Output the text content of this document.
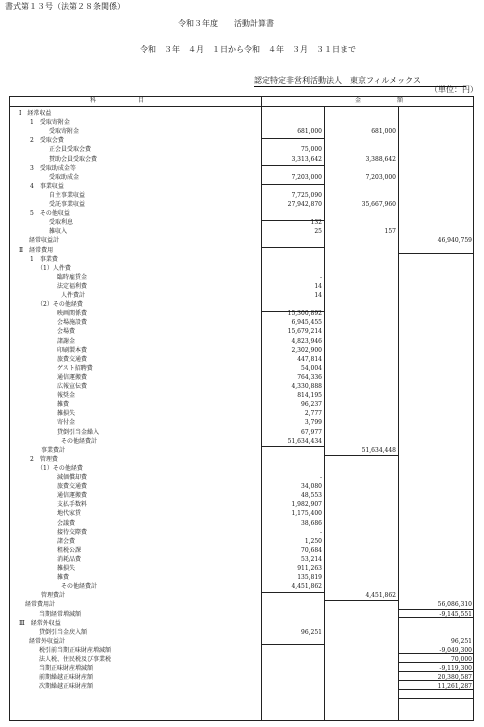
書式第１３号（法第２８条関係）
令和３年度　　活動計算書
令和　３年　４月　１日から令和　４年　３月　３１日まで
認定特定非営利活動法人　東京フィルメックス
（単位：円）
科　　　　　　　目	金　　　　　　額
Ⅰ　経常収益
　1　受取寄附金
受取寄附金	681,000	681,000
　2　受取会費
正会員受取会費	75,000
賛助会員受取会費	3,313,642	3,388,642
　3　受取助成金等
受取助成金	7,203,000	7,203,000
　4　事業収益
自主事業収益	7,725,090
受託事業収益	27,942,870	35,667,960
　5　その他収益
受取利息	132
雑収入	25	157
経常収益計	46,940,759
Ⅱ　経常費用
　1　事業費
（1）人件費
臨時雇賃金	-
法定福利費	14
人件費計	14
（2）その他経費
映画関係費	15,300,892
会場施設費	6,945,455
会場費	15,679,214
諸謝金	4,823,946
印刷製本費	2,302,900
旅費交通費	447,814
ゲスト招聘費	54,004
通信運搬費	764,336
広報宣伝費	4,330,888
報奨金	814,195
雑費	96,237
雑損失	2,777
寄付金	3,799
貸倒引当金繰入	67,977
その他経費計	51,634,434
事業費計	51,634,448
　2　管理費
（1）その他経費
減価償却費	-
旅費交通費	34,080
通信運搬費	48,553
支払手数料	1,982,907
地代家賃	1,175,400
会議費	38,686
接待交際費	-
諸会費	1,250
租税公課	70,684
消耗品費	53,214
雑損失	911,263
雑費	135,819
その他経費計	4,451,862
管理費計	4,451,862
経常費用計	56,086,310
当期経常増減額	-9,145,551
Ⅲ　経常外収益
貸倒引当金戻入額	96,251
経常外収益計	96,251
税引前当期正味財産増減額	-9,049,300
法人税、住民税及び事業税	70,000
当期正味財産増減額	-9,119,300
前期繰越正味財産額	20,380,587
次期繰越正味財産額	11,261,287
